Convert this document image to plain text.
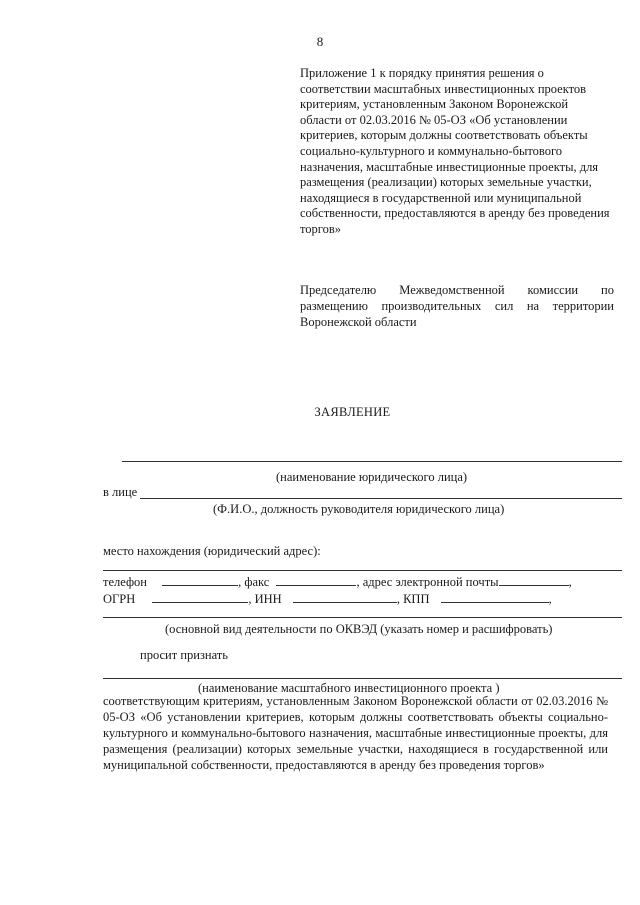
8
Приложение 1 к порядку принятия решения о соответствии масштабных инвестиционных проектов критериям, установленным Законом Воронежской области от 02.03.2016 № 05-ОЗ «Об установлении критериев, которым должны соответствовать объекты социально-культурного и коммунально-бытового назначения, масштабные инвестиционные проекты, для размещения (реализации) которых земельные участки, находящиеся в государственной или муниципальной собственности, предоставляются в аренду без проведения торгов»
Председателю Межведомственной комиссии по размещению производительных сил на территории Воронежской области
ЗАЯВЛЕНИЕ
(наименование юридического лица)
в лице
(Ф.И.О., должность руководителя юридического лица)
место нахождения (юридический адрес):
телефон	, факс	, адрес электронной почты	,
ОГРН	, ИНН	, КПП	,
(основной вид деятельности по ОКВЭД (указать номер и расшифровать)
просит признать
(наименование масштабного инвестиционного проекта )
соответствующим критериям, установленным Законом Воронежской области от 02.03.2016 № 05-ОЗ «Об установлении критериев, которым должны соответствовать объекты социально-культурного и коммунально-бытового назначения, масштабные инвестиционные проекты, для размещения (реализации) которых земельные участки, находящиеся в государственной или муниципальной собственности, предоставляются в аренду без проведения торгов»
